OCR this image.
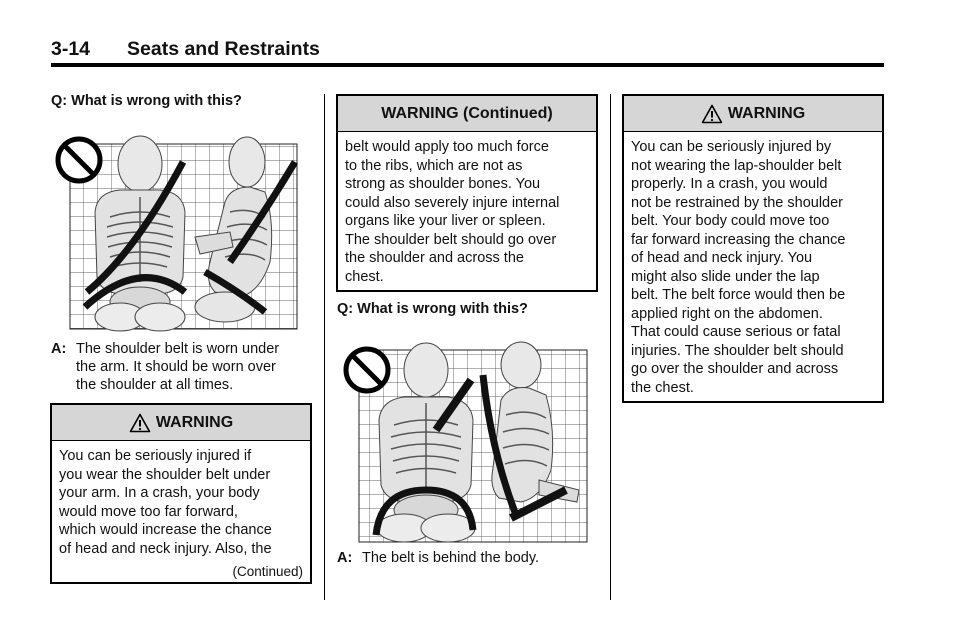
3-14 Seats and Restraints
Q: What is wrong with this?
A: The shoulder belt is worn under
the arm. It should be worn over
the shoulder at all times.
WARNING
You can be seriously injured if
you wear the shoulder belt under
your arm. In a crash, your body
would move too far forward,
which would increase the chance
of head and neck injury. Also, the
(Continued)
WARNING (Continued)
belt would apply too much force
to the ribs, which are not as
strong as shoulder bones. You
could also severely injure internal
organs like your liver or spleen.
The shoulder belt should go over
the shoulder and across the
chest.
Q: What is wrong with this?
A: The belt is behind the body.
WARNING
You can be seriously injured by
not wearing the lap-shoulder belt
properly. In a crash, you would
not be restrained by the shoulder
belt. Your body could move too
far forward increasing the chance
of head and neck injury. You
might also slide under the lap
belt. The belt force would then be
applied right on the abdomen.
That could cause serious or fatal
injuries. The shoulder belt should
go over the shoulder and across
the chest.
